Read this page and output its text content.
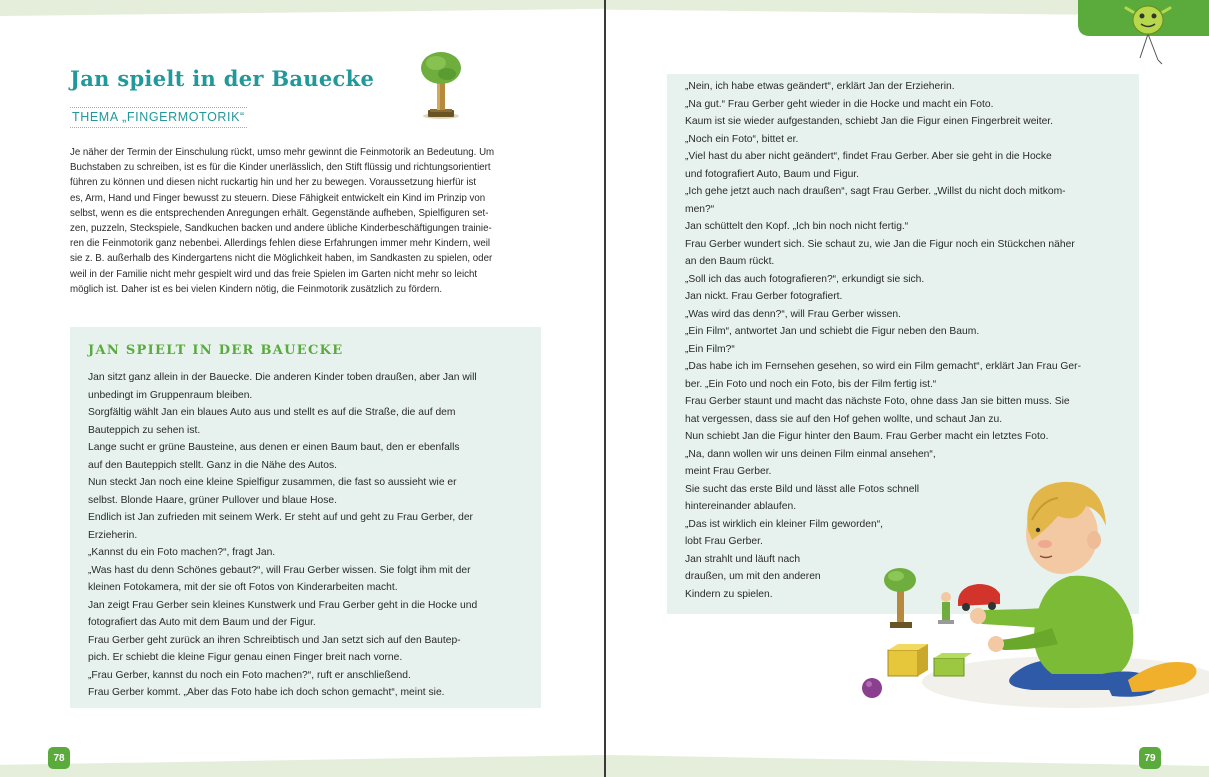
Jan spielt in der Bauecke
THEMA „FINGERMOTORIK“
Je näher der Termin der Einschulung rückt, umso mehr gewinnt die Feinmotorik an Bedeutung. Um
Buchstaben zu schreiben, ist es für die Kinder unerlässlich, den Stift flüssig und richtungsorientiert
führen zu können und diesen nicht ruckartig hin und her zu bewegen. Voraussetzung hierfür ist
es, Arm, Hand und Finger bewusst zu steuern. Diese Fähigkeit entwickelt ein Kind im Prinzip von
selbst, wenn es die entsprechenden Anregungen erhält. Gegenstände aufheben, Spielfiguren set-
zen, puzzeln, Steckspiele, Sandkuchen backen und andere übliche Kinderbeschäftigungen trainie-
ren die Feinmotorik ganz nebenbei. Allerdings fehlen diese Erfahrungen immer mehr Kindern, weil
sie z. B. außerhalb des Kindergartens nicht die Möglichkeit haben, im Sandkasten zu spielen, oder
weil in der Familie nicht mehr gespielt wird und das freie Spielen im Garten nicht mehr so leicht
möglich ist. Daher ist es bei vielen Kindern nötig, die Feinmotorik zusätzlich zu fördern.
JAN SPIELT IN DER BAUECKE
Jan sitzt ganz allein in der Bauecke. Die anderen Kinder toben draußen, aber Jan will
unbedingt im Gruppenraum bleiben.
Sorgfältig wählt Jan ein blaues Auto aus und stellt es auf die Straße, die auf dem
Bauteppich zu sehen ist.
Lange sucht er grüne Bausteine, aus denen er einen Baum baut, den er ebenfalls
auf den Bauteppich stellt. Ganz in die Nähe des Autos.
Nun steckt Jan noch eine kleine Spielfigur zusammen, die fast so aussieht wie er
selbst. Blonde Haare, grüner Pullover und blaue Hose.
Endlich ist Jan zufrieden mit seinem Werk. Er steht auf und geht zu Frau Gerber, der
Erzieherin.
„Kannst du ein Foto machen?“, fragt Jan.
„Was hast du denn Schönes gebaut?“, will Frau Gerber wissen. Sie folgt ihm mit der
kleinen Fotokamera, mit der sie oft Fotos von Kinderarbeiten macht.
Jan zeigt Frau Gerber sein kleines Kunstwerk und Frau Gerber geht in die Hocke und
fotografiert das Auto mit dem Baum und der Figur.
Frau Gerber geht zurück an ihren Schreibtisch und Jan setzt sich auf den Bautep-
pich. Er schiebt die kleine Figur genau einen Finger breit nach vorne.
„Frau Gerber, kannst du noch ein Foto machen?“, ruft er anschließend.
Frau Gerber kommt. „Aber das Foto habe ich doch schon gemacht“, meint sie.
78
„Nein, ich habe etwas geändert“, erklärt Jan der Erzieherin.
„Na gut.“ Frau Gerber geht wieder in die Hocke und macht ein Foto.
Kaum ist sie wieder aufgestanden, schiebt Jan die Figur einen Fingerbreit weiter.
„Noch ein Foto“, bittet er.
„Viel hast du aber nicht geändert“, findet Frau Gerber. Aber sie geht in die Hocke
und fotografiert Auto, Baum und Figur.
„Ich gehe jetzt auch nach draußen“, sagt Frau Gerber. „Willst du nicht doch mitkom-
men?“
Jan schüttelt den Kopf. „Ich bin noch nicht fertig.“
Frau Gerber wundert sich. Sie schaut zu, wie Jan die Figur noch ein Stückchen näher
an den Baum rückt.
„Soll ich das auch fotografieren?“, erkundigt sie sich.
Jan nickt. Frau Gerber fotografiert.
„Was wird das denn?“, will Frau Gerber wissen.
„Ein Film“, antwortet Jan und schiebt die Figur neben den Baum.
„Ein Film?“
„Das habe ich im Fernsehen gesehen, so wird ein Film gemacht“, erklärt Jan Frau Ger-
ber. „Ein Foto und noch ein Foto, bis der Film fertig ist.“
Frau Gerber staunt und macht das nächste Foto, ohne dass Jan sie bitten muss. Sie
hat vergessen, dass sie auf den Hof gehen wollte, und schaut Jan zu.
Nun schiebt Jan die Figur hinter den Baum. Frau Gerber macht ein letztes Foto.
„Na, dann wollen wir uns deinen Film einmal ansehen“,
meint Frau Gerber.
Sie sucht das erste Bild und lässt alle Fotos schnell
hintereinander ablaufen.
„Das ist wirklich ein kleiner Film geworden“,
lobt Frau Gerber.
Jan strahlt und läuft nach
draußen, um mit den anderen
Kindern zu spielen.
79
